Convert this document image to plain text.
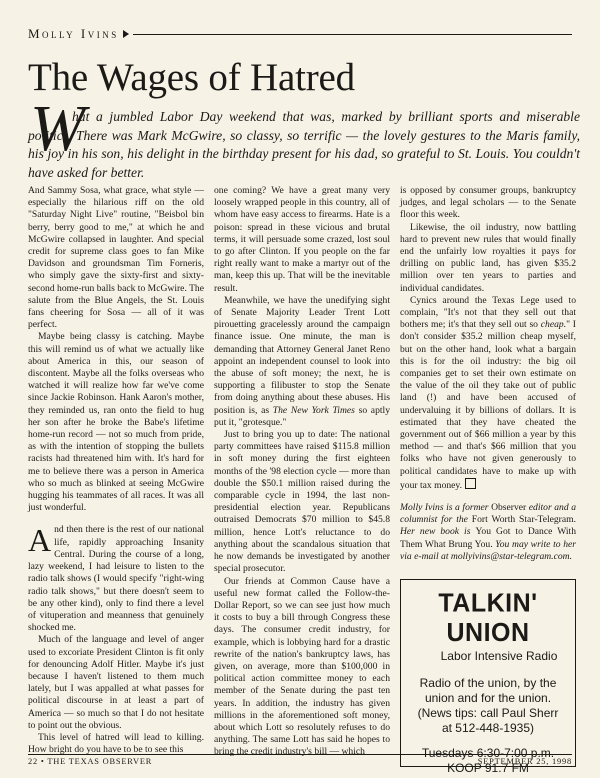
Molly Ivins
The Wages of Hatred
W

hat a jumbled Labor Day weekend that was, marked by brilliant sports and miserable politics. There was Mark McGwire, so classy, so terrific — the lovely gestures to the Maris family, his joy in his son, his delight in the birthday present for his dad, so grateful to St. Louis. You couldn't have asked for better.

And Sammy Sosa, what grace, what style — especially the hilarious riff on the old "Saturday Night Live" routine, "Beisbol bin berry, berry good to me," at which he and McGwire collapsed in laughter. And special credit for supreme class goes to fan Mike Davidson and groundsman Tim Forneris, who simply gave the sixty-first and sixty-second home-run balls back to McGwire. The salute from the Blue Angels, the St. Louis fans cheering for Sosa — all of it was perfect.

Maybe being classy is catching. Maybe this will remind us of what we actually like about America in this, our season of discontent. Maybe all the folks overseas who watched it will realize how far we've come since Jackie Robinson. Hank Aaron's mother, they reminded us, ran onto the field to hug her son after he broke the Babe's lifetime home-run record — not so much from pride, as with the intention of stopping the bullets racists had threatened him with. It's hard for me to believe there was a person in America who so much as blinked at seeing McGwire hugging his teammates of all races. It was all just wonderful.

And then there is the rest of our national life, rapidly approaching Insanity Central. During the course of a long, lazy weekend, I had leisure to listen to the radio talk shows (I would specify "right-wing radio talk shows," but there doesn't seem to be any other kind), only to find there a level of vituperation and meanness that genuinely shocked me.

Much of the language and level of anger used to excoriate President Clinton is fit only for denouncing Adolf Hitler. Maybe it's just because I haven't listened to them much lately, but I was appalled at what passes for political discourse in at least a part of America — so much so that I do not hesitate to point out the obvious.

This level of hatred will lead to killing. How bright do you have to be to see this

one coming? We have a great many very loosely wrapped people in this country, all of whom have easy access to firearms. Hate is a poison: spread in these vicious and brutal terms, it will persuade some crazed, lost soul to go after Clinton. If you people on the far right really want to make a martyr out of the man, keep this up. That will be the inevitable result.

Meanwhile, we have the unedifying sight of Senate Majority Leader Trent Lott pirouetting gracelessly around the campaign finance issue. One minute, the man is demanding that Attorney General Janet Reno appoint an independent counsel to look into the abuse of soft money; the next, he is supporting a filibuster to stop the Senate from doing anything about these abuses. His position is, as The New York Times so aptly put it, "grotesque."

Just to bring you up to date: The national party committees have raised $115.8 million in soft money during the first eighteen months of the '98 election cycle — more than double the $50.1 million raised during the comparable cycle in 1994, the last non-presidential election year. Republicans outraised Democrats $70 million to $45.8 million, hence Lott's reluctance to do anything about the scandalous situation that he now demands be investigated by another special prosecutor.

Our friends at Common Cause have a useful new format called the Follow-the-Dollar Report, so we can see just how much it costs to buy a bill through Congress these days. The consumer credit industry, for example, which is lobbying hard for a drastic rewrite of the nation's bankruptcy laws, has given, on average, more than $100,000 in political action committee money to each member of the Senate during the past ten years. In addition, the industry has given millions in the aforementioned soft money, about which Lott so resolutely refuses to do anything. The same Lott has said he hopes to bring the credit industry's bill — which

is opposed by consumer groups, bankruptcy judges, and legal scholars — to the Senate floor this week.

Likewise, the oil industry, now battling hard to prevent new rules that would finally end the unfairly low royalties it pays for drilling on public land, has given $35.2 million over ten years to parties and individual candidates.

Cynics around the Texas Lege used to complain, "It's not that they sell out that bothers me; it's that they sell out so cheap." I don't consider $35.2 million cheap myself, but on the other hand, look what a bargain this is for the oil industry: the big oil companies get to set their own estimate on the value of the oil they take out of public land (!) and have been accused of undervaluing it by billions of dollars. It is estimated that they have cheated the government out of $66 million a year by this method — and that's $66 million that you folks who have not given generously to political candidates have to make up with your tax money.

Molly Ivins is a former Observer editor and a columnist for the Fort Worth Star-Telegram. Her new book is You Got to Dance With Them What Brung You. You may write to her via e-mail at mollyivins@star-telegram.com.

TALKIN' UNION
Labor Intensive Radio
Radio of the union, by the union and for the union. (News tips: call Paul Sherr at 512-448-1935)
Tuesdays 6:30-7:00 p.m.
KOOP 91.7 FM
22 • THE TEXAS OBSERVER	SEPTEMBER 25, 1998
